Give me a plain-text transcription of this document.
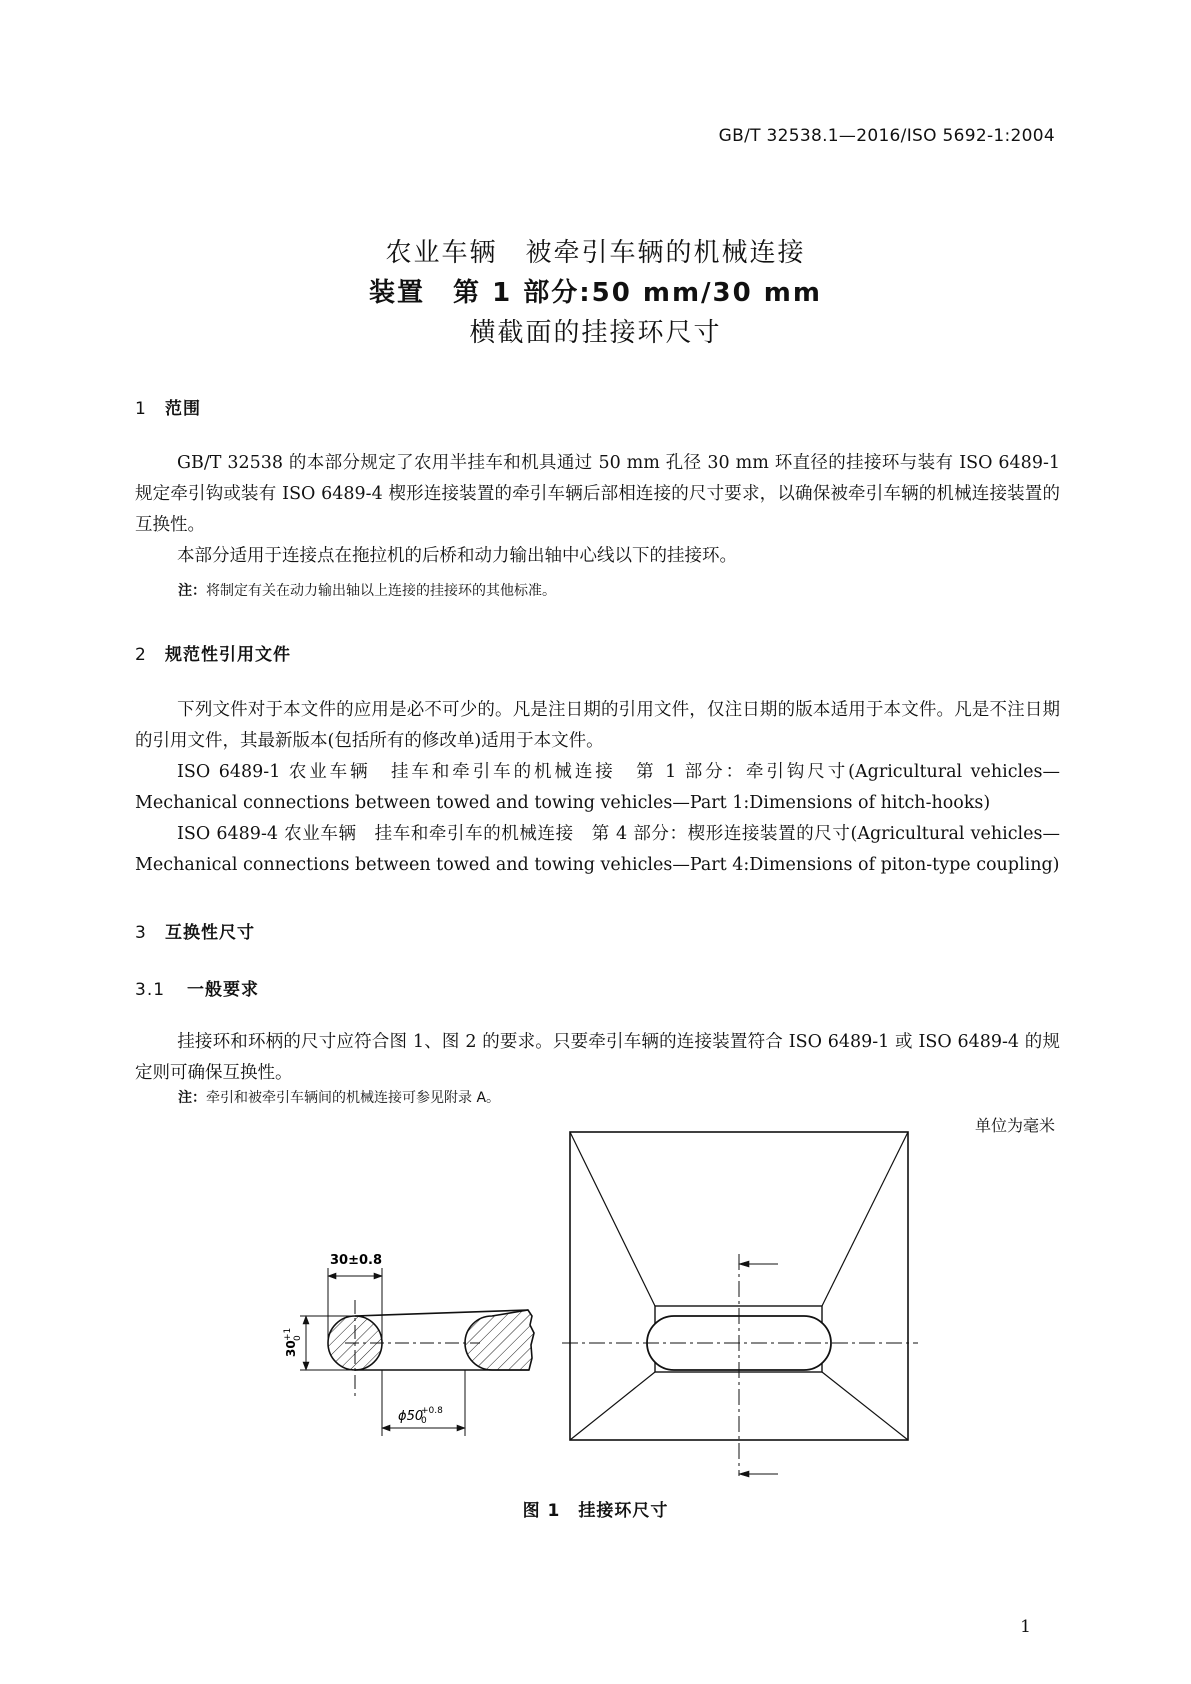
GB/T 32538.1—2016/ISO 5692-1:2004
农业车辆　被牵引车辆的机械连接
装置　第 1 部分:50 mm/30 mm
横截面的挂接环尺寸
1 范围
GB/T 32538 的本部分规定了农用半挂车和机具通过 50 mm 孔径 30 mm 环直径的挂接环与装有 ISO 6489-1规定牵引钩或装有 ISO 6489-4 楔形连接装置的牵引车辆后部相连接的尺寸要求，以确保被牵引车辆的机械连接装置的互换性。
本部分适用于连接点在拖拉机的后桥和动力输出轴中心线以下的挂接环。
注：将制定有关在动力输出轴以上连接的挂接环的其他标准。
2 规范性引用文件
下列文件对于本文件的应用是必不可少的。凡是注日期的引用文件，仅注日期的版本适用于本文件。凡是不注日期的引用文件，其最新版本(包括所有的修改单)适用于本文件。
ISO 6489-1 农业车辆　挂车和牵引车的机械连接　第 1 部分：牵引钩尺寸(Agricultural vehicles—Mechanical connections between towed and towing vehicles—Part 1:Dimensions of hitch-hooks)
ISO 6489-4 农业车辆　挂车和牵引车的机械连接　第 4 部分：楔形连接装置的尺寸(Agricultural vehicles—Mechanical connections between towed and towing vehicles—Part 4:Dimensions of piton-type coupling)
3 互换性尺寸
3.1 一般要求
挂接环和环柄的尺寸应符合图 1、图 2 的要求。只要牵引车辆的连接装置符合 ISO 6489-1 或 ISO 6489-4 的规定则可确保互换性。
注：牵引和被牵引车辆间的机械连接可参见附录 A。
单位为毫米
30±0.8
30
+1 0
ϕ50
+0.8
0
图 1　挂接环尺寸
1
